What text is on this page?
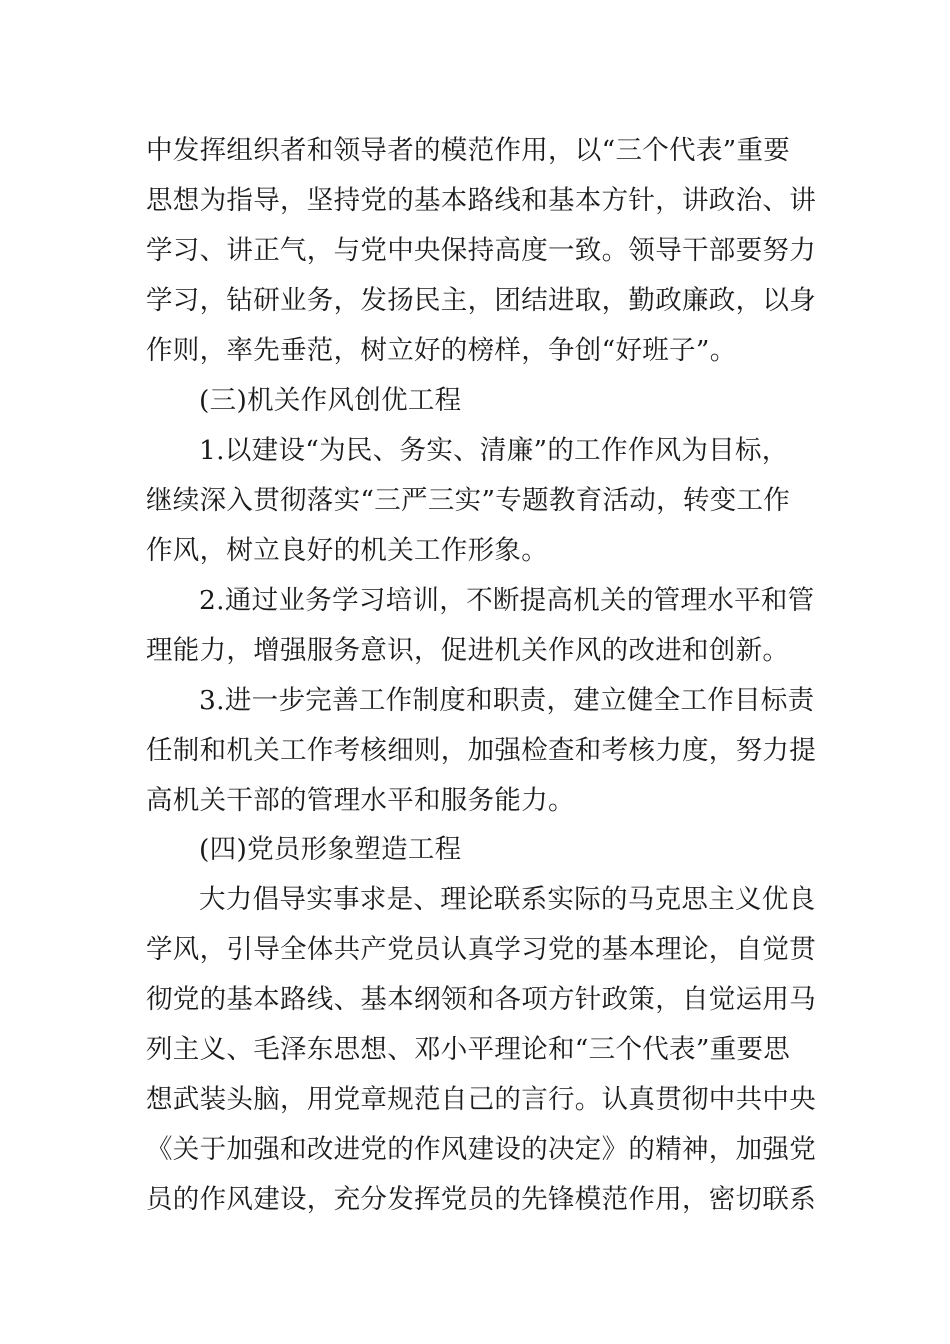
中发挥组织者和领导者的模范作用，以“三个代表”重要
思想为指导，坚持党的基本路线和基本方针，讲政治、讲
学习、讲正气，与党中央保持高度一致。领导干部要努力
学习，钻研业务，发扬民主，团结进取，勤政廉政，以身
作则，率先垂范，树立好的榜样，争创“好班子”。
(三)机关作风创优工程
1.以建设“为民、务实、清廉”的工作作风为目标，
继续深入贯彻落实“三严三实”专题教育活动，转变工作
作风，树立良好的机关工作形象。
2.通过业务学习培训，不断提高机关的管理水平和管
理能力，增强服务意识，促进机关作风的改进和创新。
3.进一步完善工作制度和职责，建立健全工作目标责
任制和机关工作考核细则，加强检查和考核力度，努力提
高机关干部的管理水平和服务能力。
(四)党员形象塑造工程
大力倡导实事求是、理论联系实际的马克思主义优良
学风，引导全体共产党员认真学习党的基本理论，自觉贯
彻党的基本路线、基本纲领和各项方针政策，自觉运用马
列主义、毛泽东思想、邓小平理论和“三个代表”重要思
想武装头脑，用党章规范自己的言行。认真贯彻中共中央
《关于加强和改进党的作风建设的决定》的精神，加强党
员的作风建设，充分发挥党员的先锋模范作用，密切联系
